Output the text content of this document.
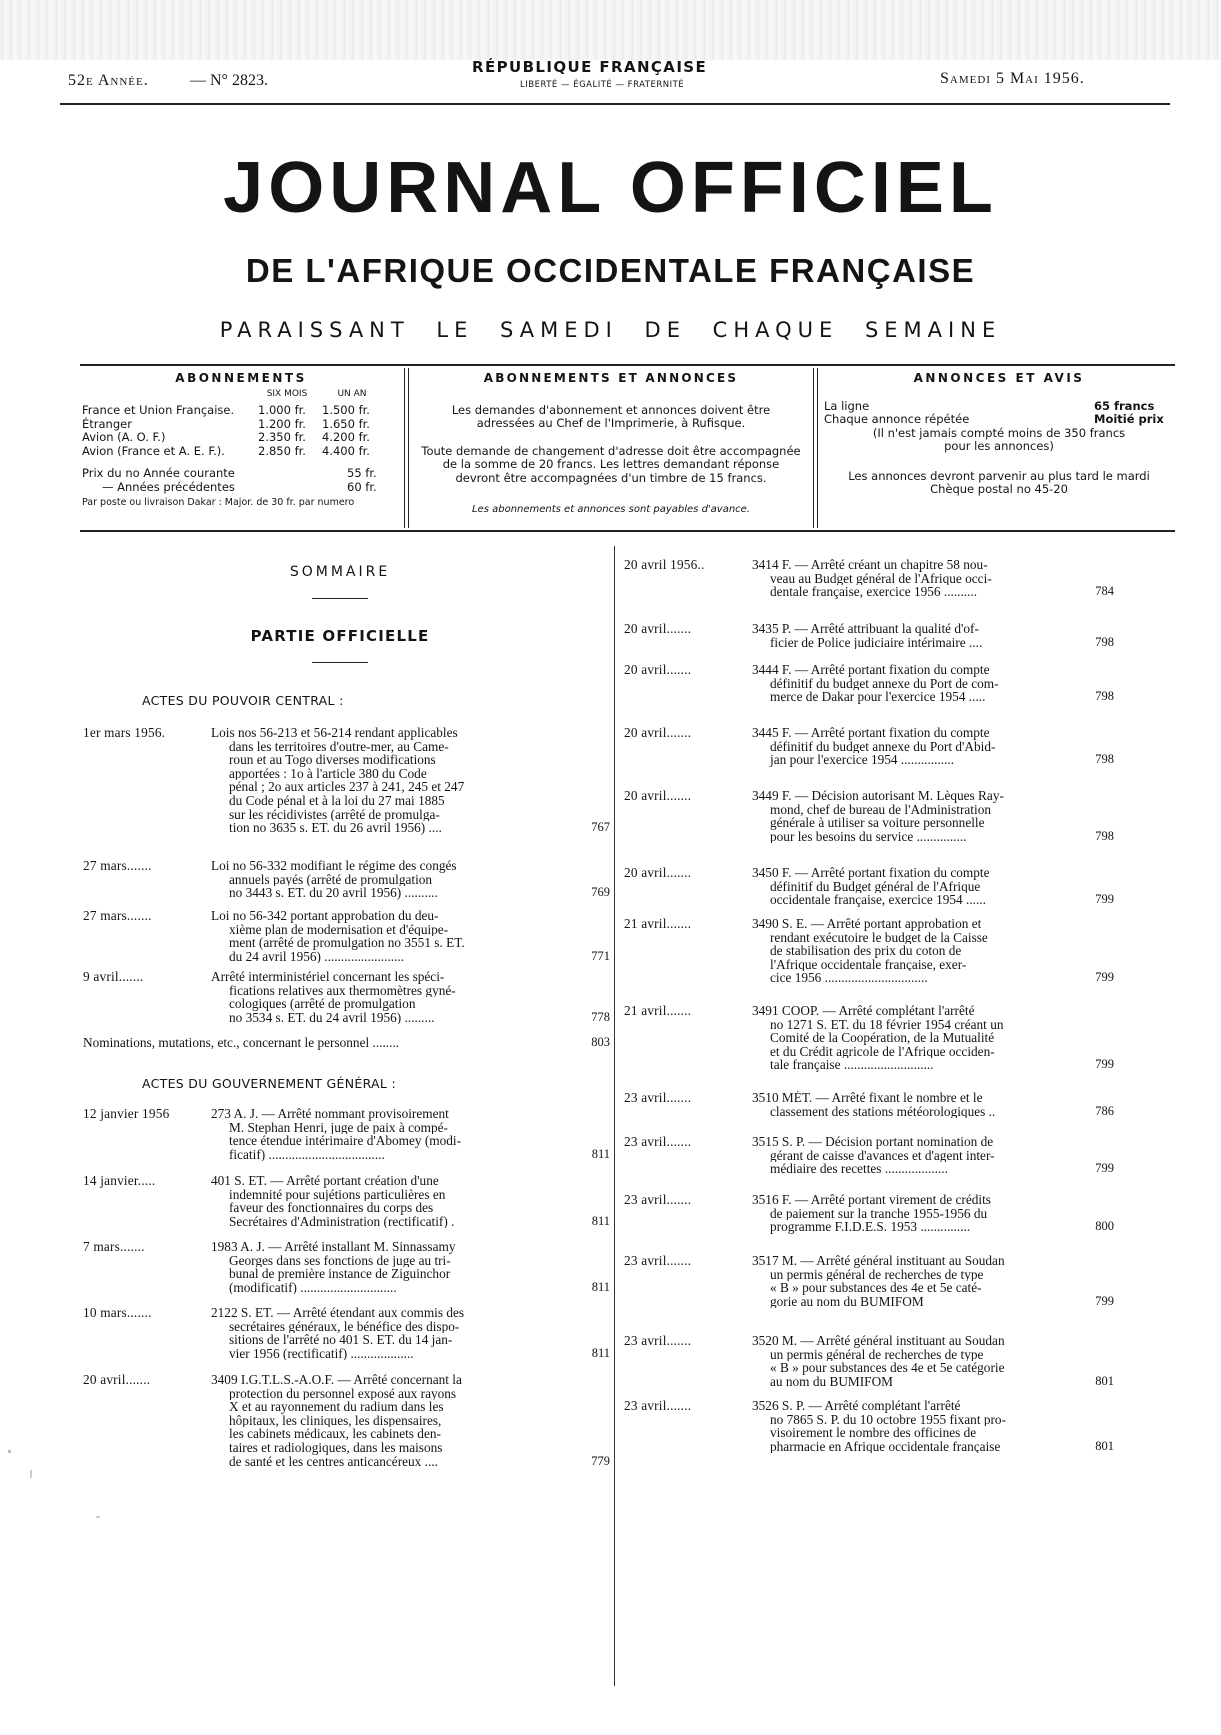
52e Année.	— N° 2823.
RÉPUBLIQUE FRANÇAISE
LIBERTÉ — ÉGALITÉ — FRATERNITÉ	Samedi 5 Mai 1956.
JOURNAL OFFICIEL
DE L'AFRIQUE OCCIDENTALE FRANÇAISE
PARAISSANT LE SAMEDI DE CHAQUE SEMAINE
ABONNEMENTS
SIX MOIS	UN AN
France et Union Française.	1.000 fr.	1.500 fr.
Étranger	1.200 fr.	1.650 fr.
Avion (A. O. F.)	2.350 fr.	4.200 fr.
Avion (France et A. E. F.).	2.850 fr.	4.400 fr.
Prix du no Année courante	55 fr.
— Années précédentes	60 fr.
Par poste ou livraison Dakar : Major. de 30 fr. par numero
ABONNEMENTS ET ANNONCES
Les demandes d'abonnement et annonces doivent être
adressées au Chef de l'Imprimerie, à Rufisque.
Toute demande de changement d'adresse doit être accompagnée
de la somme de 20 francs. Les lettres demandant réponse
devront être accompagnées d'un timbre de 15 francs.
Les abonnements et annonces sont payables d'avance.
ANNONCES ET AVIS
La ligne	65 francs
Chaque annonce répétée	Moitié prix
(Il n'est jamais compté moins de 350 francs
pour les annonces)
Les annonces devront parvenir au plus tard le mardi
Chèque postal no 45-20
SOMMAIRE
PARTIE OFFICIELLE
ACTES DU POUVOIR CENTRAL :
1er mars 1956.	Lois nos 56-213 et 56-214 rendant applicables
dans les territoires d'outre-mer, au Came-
roun et au Togo diverses modifications
apportées : 1o à l'article 380 du Code
pénal ; 2o aux articles 237 à 241, 245 et 247
du Code pénal et à la loi du 27 mai 1885
sur les récidivistes (arrêté de promulga-
tion no 3635 s. ET. du 26 avril 1956) ....	767
27 mars.......	Loi no 56-332 modifiant le régime des congés
annuels payés (arrêté de promulgation
no 3443 s. ET. du 20 avril 1956) ..........	769
27 mars.......	Loi no 56-342 portant approbation du deu-
xième plan de modernisation et d'équipe-
ment (arrêté de promulgation no 3551 s. ET.
du 24 avril 1956) ........................	771
9 avril.......	Arrêté interministériel concernant les spéci-
fications relatives aux thermomètres gyné-
cologiques (arrêté de promulgation
no 3534 s. ET. du 24 avril 1956) .........	778
Nominations, mutations, etc., concernant le personnel ........	803
ACTES DU GOUVERNEMENT GÉNÉRAL :
12 janvier 1956	273 A. J. — Arrêté nommant provisoirement
M. Stephan Henri, juge de paix à compé-
tence étendue intérimaire d'Abomey (modi-
ficatif) ...................................	811
14 janvier.....	401 S. ET. — Arrêté portant création d'une
indemnité pour sujétions particulières en
faveur des fonctionnaires du corps des
Secrétaires d'Administration (rectificatif) .	811
7 mars.......	1983 A. J. — Arrêté installant M. Sinnassamy
Georges dans ses fonctions de juge au tri-
bunal de première instance de Ziguinchor
(modificatif) .............................	811
10 mars.......	2122 S. ET. — Arrêté étendant aux commis des
secrétaires généraux, le bénéfice des dispo-
sitions de l'arrêté no 401 S. ET. du 14 jan-
vier 1956 (rectificatif) ...................	811
20 avril.......	3409 I.G.T.L.S.-A.O.F. — Arrêté concernant la
protection du personnel exposé aux rayons
X et au rayonnement du radium dans les
hôpitaux, les cliniques, les dispensaires,
les cabinets médicaux, les cabinets den-
taires et radiologiques, dans les maisons
de santé et les centres anticancéreux ....	779
20 avril 1956..	3414 F. — Arrêté créant un chapitre 58 nou-
veau au Budget général de l'Afrique occi-
dentale française, exercice 1956 ..........	784
20 avril.......	3435 P. — Arrêté attribuant la qualité d'of-
ficier de Police judiciaire intérimaire ....	798
20 avril.......	3444 F. — Arrêté portant fixation du compte
définitif du budget annexe du Port de com-
merce de Dakar pour l'exercice 1954 .....	798
20 avril.......	3445 F. — Arrêté portant fixation du compte
définitif du budget annexe du Port d'Abid-
jan pour l'exercice 1954 ................	798
20 avril.......	3449 F. — Décision autorisant M. Lèques Ray-
mond, chef de bureau de l'Administration
générale à utiliser sa voiture personnelle
pour les besoins du service ...............	798
20 avril.......	3450 F. — Arrêté portant fixation du compte
définitif du Budget général de l'Afrique
occidentale française, exercice 1954 ......	799
21 avril.......	3490 S. E. — Arrêté portant approbation et
rendant exécutoire le budget de la Caisse
de stabilisation des prix du coton de
l'Afrique occidentale française, exer-
cice 1956 ...............................	799
21 avril.......	3491 COOP. — Arrêté complétant l'arrêté
no 1271 S. ET. du 18 février 1954 créant un
Comité de la Coopération, de la Mutualité
et du Crédit agricole de l'Afrique occiden-
tale française ...........................	799
23 avril.......	3510 MÉT. — Arrêté fixant le nombre et le
classement des stations météorologiques ..	786
23 avril.......	3515 S. P. — Décision portant nomination de
gérant de caisse d'avances et d'agent inter-
médiaire des recettes ...................	799
23 avril.......	3516 F. — Arrêté portant virement de crédits
de paiement sur la tranche 1955-1956 du
programme F.I.D.E.S. 1953 ...............	800
23 avril.......	3517 M. — Arrêté général instituant au Soudan
un permis général de recherches de type
« B » pour substances des 4e et 5e caté-
gorie au nom du BUMIFOM	799
23 avril.......	3520 M. — Arrêté général instituant au Soudan
un permis général de recherches de type
« B » pour substances des 4e et 5e catégorie
au nom du BUMIFOM	801
23 avril.......	3526 S. P. — Arrêté complétant l'arrêté
no 7865 S. P. du 10 octobre 1955 fixant pro-
visoirement le nombre des officines de
pharmacie en Afrique occidentale française	801
